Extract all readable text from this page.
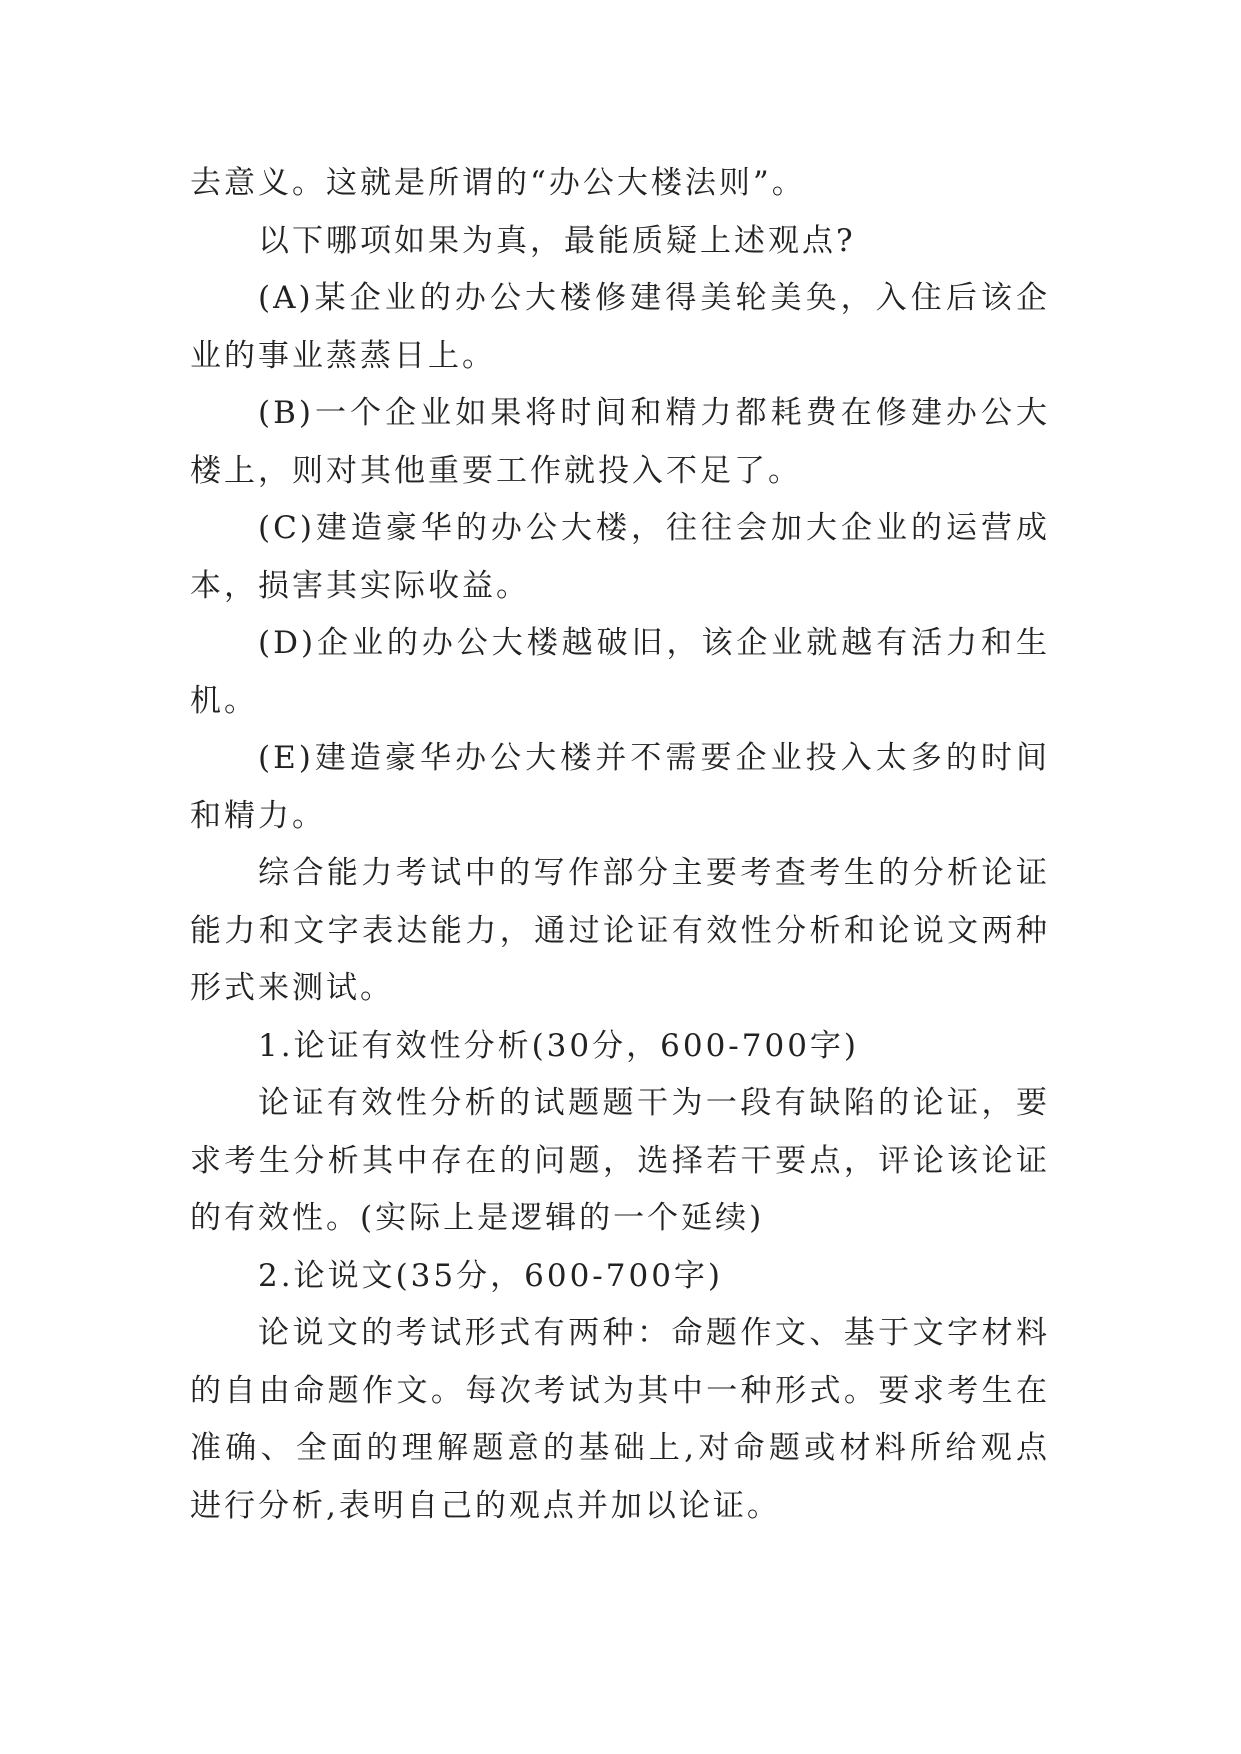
去意义。这就是所谓的“办公大楼法则”。

以下哪项如果为真，最能质疑上述观点?

(A)某企业的办公大楼修建得美轮美奂，入住后该企业的事业蒸蒸日上。

(B)一个企业如果将时间和精力都耗费在修建办公大楼上，则对其他重要工作就投入不足了。

(C)建造豪华的办公大楼，往往会加大企业的运营成本，损害其实际收益。

(D)企业的办公大楼越破旧，该企业就越有活力和生机。

(E)建造豪华办公大楼并不需要企业投入太多的时间和精力。

综合能力考试中的写作部分主要考查考生的分析论证能力和文字表达能力，通过论证有效性分析和论说文两种形式来测试。

1.论证有效性分析(30分，600-700字)

论证有效性分析的试题题干为一段有缺陷的论证，要求考生分析其中存在的问题，选择若干要点，评论该论证的有效性。(实际上是逻辑的一个延续)

2.论说文(35分，600-700字)

论说文的考试形式有两种：命题作文、基于文字材料的自由命题作文。每次考试为其中一种形式。要求考生在准确、全面的理解题意的基础上,对命题或材料所给观点进行分析,表明自己的观点并加以论证。
